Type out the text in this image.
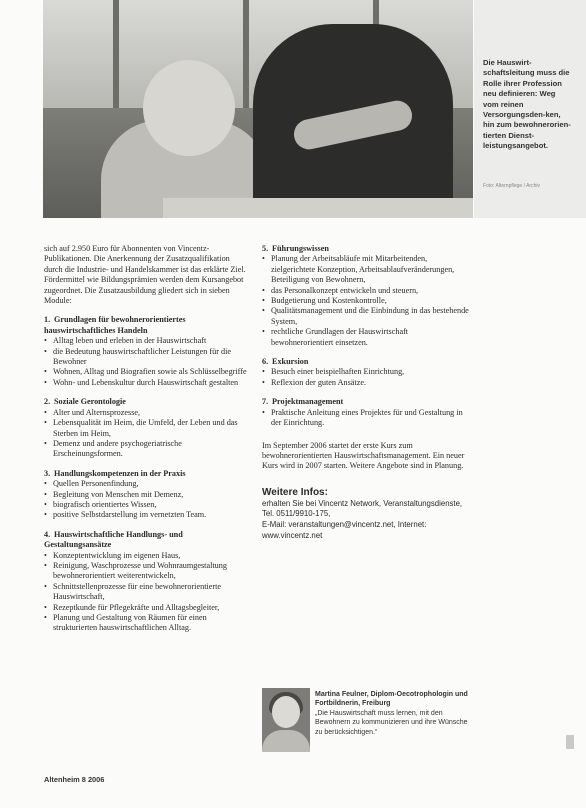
Die Hauswirt-schaftsleitung muss die Rolle ihrer Profession neu definieren: Weg vom reinen Versorgungsden-ken, hin zum bewohnerorien-tierten Dienst-leistungsangebot.
Foto: Alternpflege / Archiv

sich auf 2.950 Euro für Abonnenten von Vincentz-Publikationen. Die Anerkennung der Zusatzqualifikation durch die Industrie- und Handelskammer ist das erklärte Ziel. Fördermittel wie Bildungsprämien werden dem Kursangebot zugeordnet. Die Zusatzausbildung gliedert sich in sieben Module:

1. Grundlagen für bewohnerorientiertes hauswirtschaftliches Handeln
• Alltag leben und erleben in der Hauswirtschaft
• die Bedeutung hauswirtschaftlicher Leistungen für die Bewohner
• Wohnen, Alltag und Biografien sowie als Schlüsselbegriffe
• Wohn- und Lebenskultur durch Hauswirtschaft gestalten
2. Soziale Gerontologie
• Alter und Alternsprozesse,
• Lebensqualität im Heim, die Umfeld, der Leben und das Sterben im Heim,
• Demenz und andere psychogeriatrische Erscheinungsformen.
3. Handlungskompetenzen in der Praxis
• Quellen Personenfindung,
• Begleitung von Menschen mit Demenz,
• biografisch orientiertes Wissen,
• positive Selbstdarstellung im vernetzten Team.
4. Hauswirtschaftliche Handlungs- und Gestaltungsansätze
• Konzeptentwicklung im eigenen Haus,
• Reinigung, Waschprozesse und Wohnraumgestaltung bewohnerorientiert weiterentwickeln,
• Schnittstellenprozesse für eine bewohnerorientierte Hauswirtschaft,
• Rezeptkunde für Pflegekräfte und Alltagsbegleiter,
• Planung und Gestaltung von Räumen für einen strukturierten hauswirtschaftlichen Alltag.
5. Führungswissen
• Planung der Arbeitsabläufe mit Mitarbeitenden, zielgerichtete Konzeption, Arbeitsablaufveränderungen, Beteiligung von Bewohnern,
• das Personalkonzept entwickeln und steuern,
• Budgetierung und Kostenkontrolle,
• Qualitätsmanagement und die Einbindung in das bestehende System,
• rechtliche Grundlagen der Hauswirtschaft bewohnerorientiert einsetzen.
6. Exkursion
• Besuch einer beispielhaften Einrichtung,
• Reflexion der guten Ansätze.
7. Projektmanagement
• Praktische Anleitung eines Projektes für und Gestaltung in der Einrichtung.

Im September 2006 startet der erste Kurs zum bewohnerorientierten Hauswirtschaftsmanagement. Ein neuer Kurs wird in 2007 starten. Weitere Angebote sind in Planung.

Weitere Infos:
erhalten Sie bei Vincentz Network, Veranstaltungsdienste, Tel. 0511/9910-175,
E-Mail: veranstaltungen@vincentz.net, Internet:
www.vincentz.net
Martina Feulner, Diplom-Oecotrophologin und Fortbildnerin, Freiburg
„Die Hauswirtschaft muss lernen, mit den Bewohnern zu kommunizieren und ihre Wünsche zu berücksichtigen.“
Altenheim 8 2006
